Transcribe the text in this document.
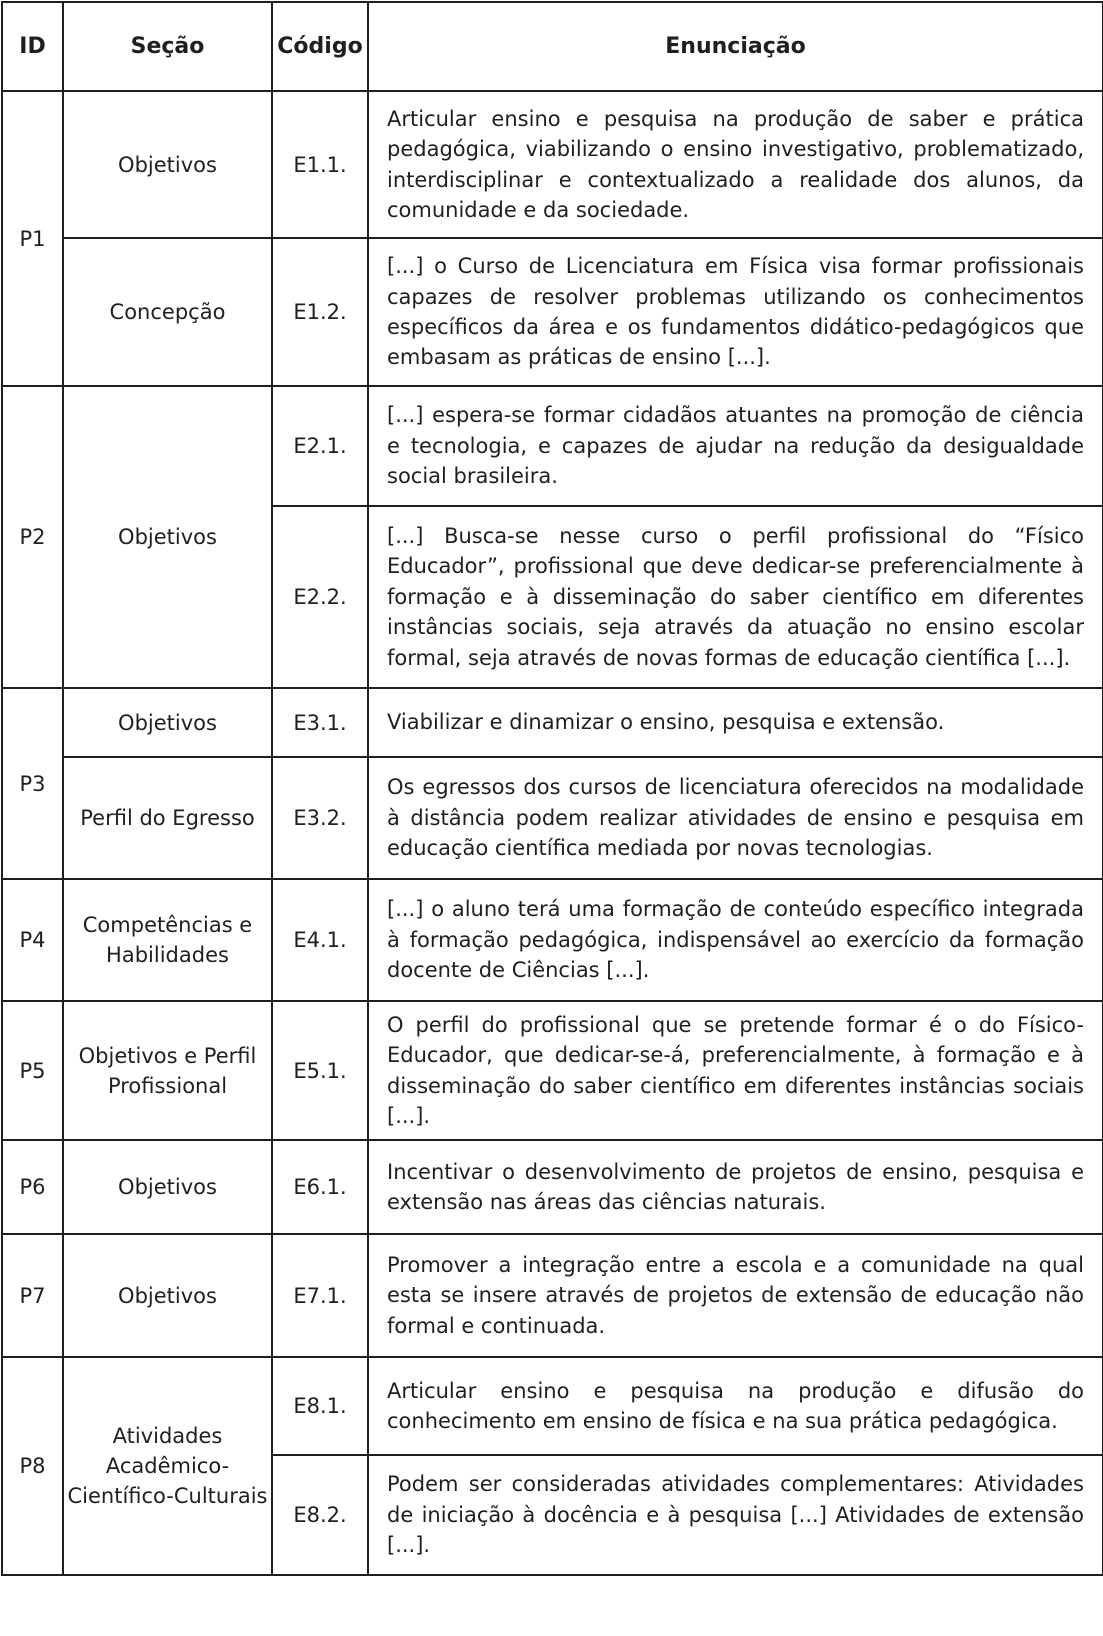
ID	Seção	Código	Enunciação
P1	Objetivos	E1.1.	Articular ensino e pesquisa na produção de saber e prática pedagógica, viabilizando o ensino investigativo, problematizado, interdisciplinar e contextualizado a realidade dos alunos, da comunidade e da sociedade.
	Concepção	E1.2.	[...] o Curso de Licenciatura em Física visa formar profissionais capazes de resolver problemas utilizando os conhecimentos específicos da área e os fundamentos didático-pedagógicos que embasam as práticas de ensino [...].
P2	Objetivos	E2.1.	[...] espera-se formar cidadãos atuantes na promoção de ciência e tecnologia, e capazes de ajudar na redução da desigualdade social brasileira.
		E2.2.	[...] Busca-se nesse curso o perfil profissional do “Físico Educador”, profissional que deve dedicar-se preferencialmente à formação e à disseminação do saber científico em diferentes instâncias sociais, seja através da atuação no ensino escolar formal, seja através de novas formas de educação científica [...].
P3	Objetivos	E3.1.	Viabilizar e dinamizar o ensino, pesquisa e extensão.
	Perfil do Egresso	E3.2.	Os egressos dos cursos de licenciatura oferecidos na modalidade à distância podem realizar atividades de ensino e pesquisa em educação científica mediada por novas tecnologias.
P4	Competências e Habilidades	E4.1.	[...] o aluno terá uma formação de conteúdo específico integrada à formação pedagógica, indispensável ao exercício da formação docente de Ciências [...].
P5	Objetivos e Perfil Profissional	E5.1.	O perfil do profissional que se pretende formar é o do Físico-Educador, que dedicar-se-á, preferencialmente, à formação e à disseminação do saber científico em diferentes instâncias sociais [...].
P6	Objetivos	E6.1.	Incentivar o desenvolvimento de projetos de ensino, pesquisa e extensão nas áreas das ciências naturais.
P7	Objetivos	E7.1.	Promover a integração entre a escola e a comunidade na qual esta se insere através de projetos de extensão de educação não formal e continuada.
P8	Atividades Acadêmico-Científico-Culturais	E8.1.	Articular ensino e pesquisa na produção e difusão do conhecimento em ensino de física e na sua prática pedagógica.
		E8.2.	Podem ser consideradas atividades complementares: Atividades de iniciação à docência e à pesquisa [...] Atividades de extensão [...].
